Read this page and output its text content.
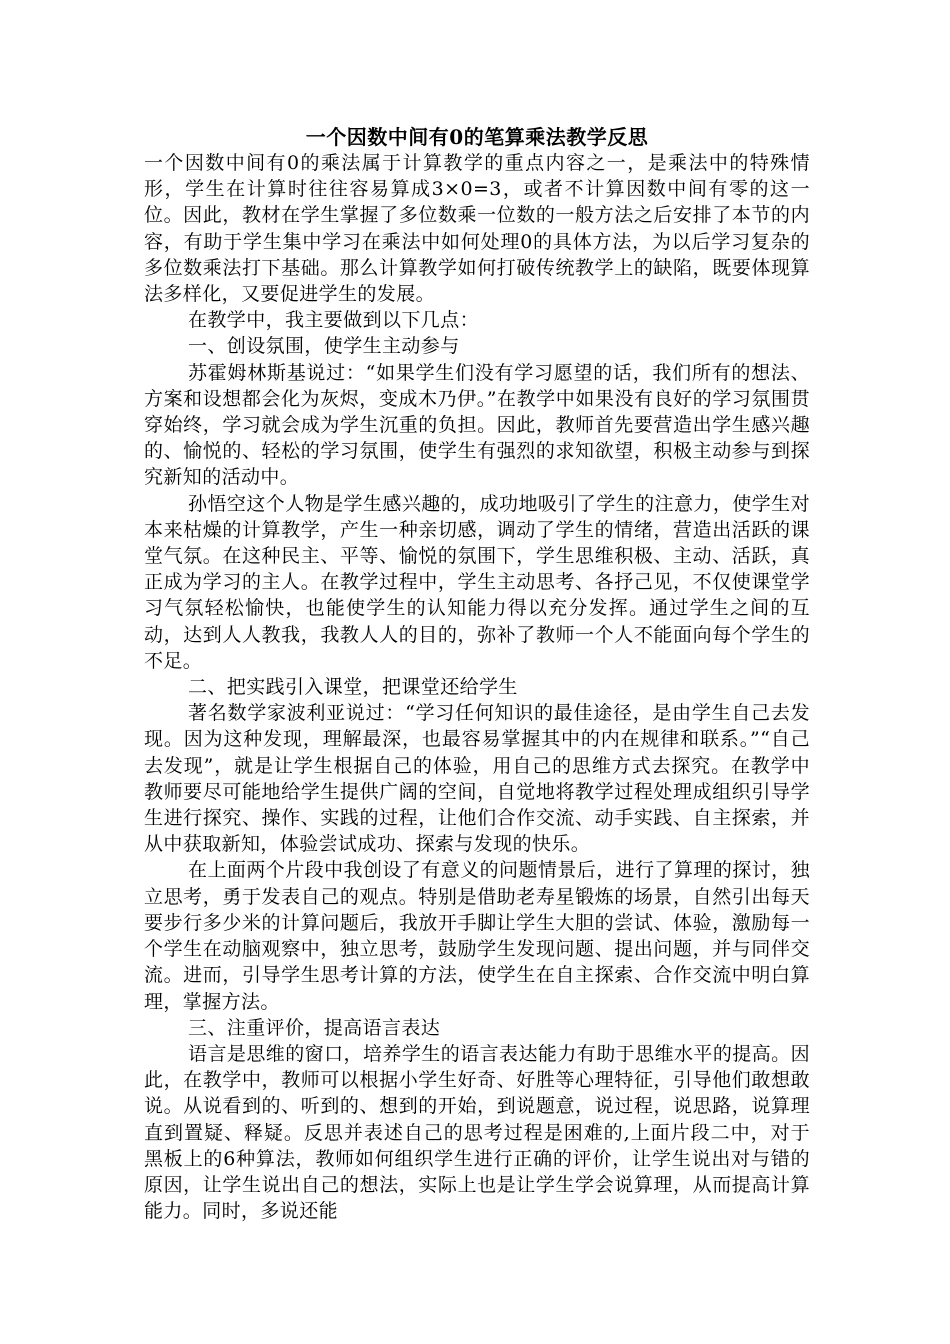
一个因数中间有0的笔算乘法教学反思

一个因数中间有0的乘法属于计算教学的重点内容之一，是乘法中的特殊情形，学生在计算时往往容易算成3×0=3，或者不计算因数中间有零的这一位。因此，教材在学生掌握了多位数乘一位数的一般方法之后安排了本节的内容，有助于学生集中学习在乘法中如何处理0的具体方法，为以后学习复杂的多位数乘法打下基础。那么计算教学如何打破传统教学上的缺陷，既要体现算法多样化，又要促进学生的发展。

在教学中，我主要做到以下几点：

一、创设氛围，使学生主动参与

苏霍姆林斯基说过：“如果学生们没有学习愿望的话，我们所有的想法、方案和设想都会化为灰烬，变成木乃伊。”在教学中如果没有良好的学习氛围贯穿始终，学习就会成为学生沉重的负担。因此，教师首先要营造出学生感兴趣的、愉悦的、轻松的学习氛围，使学生有强烈的求知欲望，积极主动参与到探究新知的活动中。

孙悟空这个人物是学生感兴趣的，成功地吸引了学生的注意力，使学生对本来枯燥的计算教学，产生一种亲切感，调动了学生的情绪，营造出活跃的课堂气氛。在这种民主、平等、愉悦的氛围下，学生思维积极、主动、活跃，真正成为学习的主人。在教学过程中，学生主动思考、各抒己见，不仅使课堂学习气氛轻松愉快，也能使学生的认知能力得以充分发挥。通过学生之间的互动，达到人人教我，我教人人的目的，弥补了教师一个人不能面向每个学生的不足。

二、把实践引入课堂，把课堂还给学生

著名数学家波利亚说过：“学习任何知识的最佳途径，是由学生自己去发现。因为这种发现，理解最深，也最容易掌握其中的内在规律和联系。”“自己去发现”，就是让学生根据自己的体验，用自己的思维方式去探究。在教学中教师要尽可能地给学生提供广阔的空间，自觉地将教学过程处理成组织引导学生进行探究、操作、实践的过程，让他们合作交流、动手实践、自主探索，并从中获取新知，体验尝试成功、探索与发现的快乐。

在上面两个片段中我创设了有意义的问题情景后，进行了算理的探讨，独立思考，勇于发表自己的观点。特别是借助老寿星锻炼的场景，自然引出每天要步行多少米的计算问题后，我放开手脚让学生大胆的尝试、体验，激励每一个学生在动脑观察中，独立思考，鼓励学生发现问题、提出问题，并与同伴交流。进而，引导学生思考计算的方法，使学生在自主探索、合作交流中明白算理，掌握方法。

三、注重评价，提高语言表达

语言是思维的窗口，培养学生的语言表达能力有助于思维水平的提高。因此，在教学中，教师可以根据小学生好奇、好胜等心理特征，引导他们敢想敢说。从说看到的、听到的、想到的开始，到说题意，说过程，说思路，说算理直到置疑、释疑。反思并表述自己的思考过程是困难的,上面片段二中，对于黑板上的6种算法，教师如何组织学生进行正确的评价，让学生说出对与错的原因，让学生说出自己的想法，实际上也是让学生学会说算理，从而提高计算能力。同时，多说还能
